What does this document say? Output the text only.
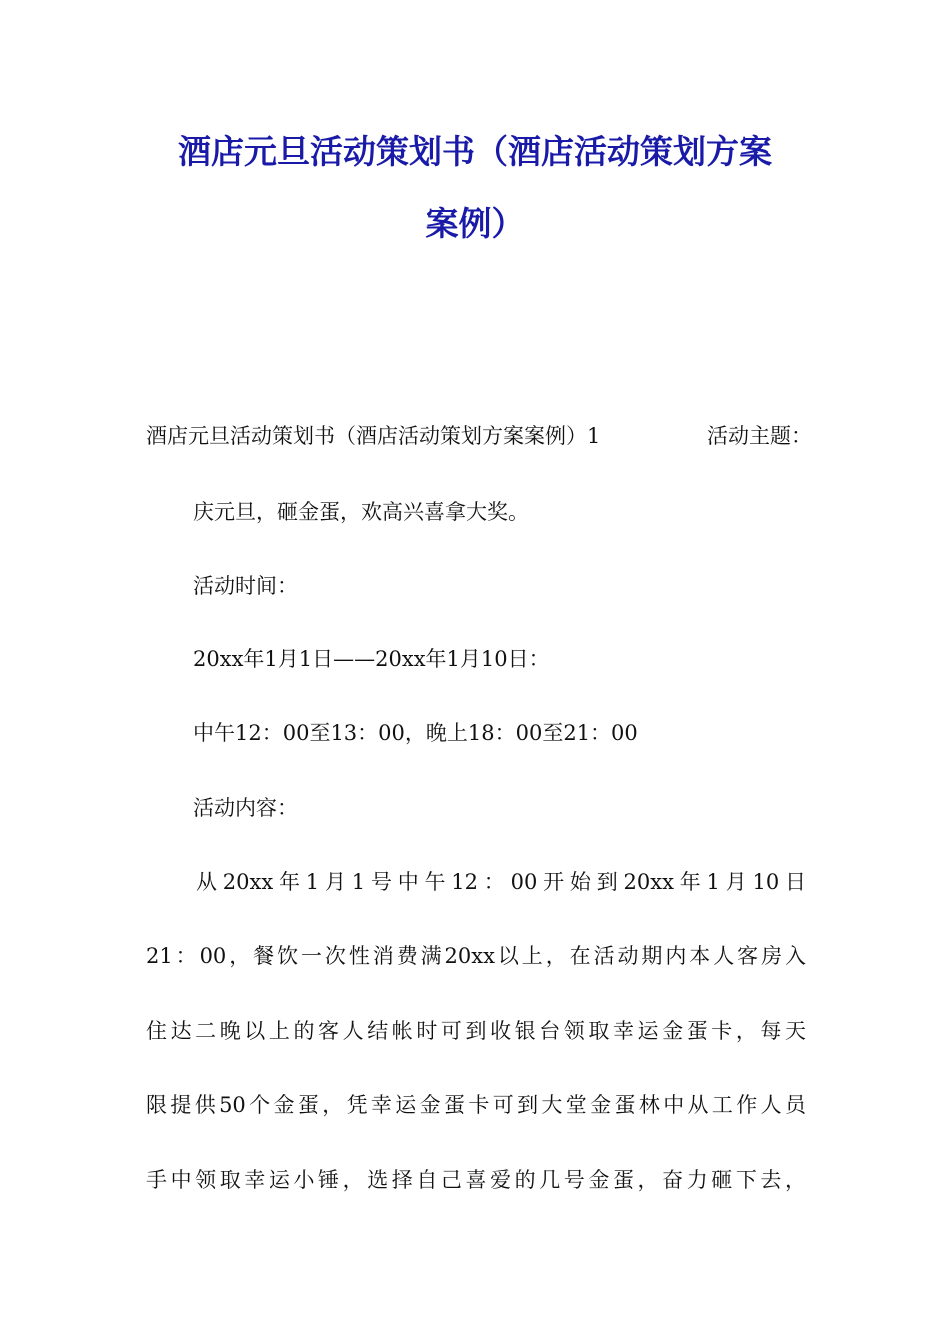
酒店元旦活动策划书（酒店活动策划方案
案例）
酒店元旦活动策划书（酒店活动策划方案案例）1	活动主题：
庆元旦，砸金蛋，欢高兴喜拿大奖。
活动时间：
20xx年1月1日——20xx年1月10日：
中午12：00至13：00，晚上18：00至21：00
活动内容：
从20xx年1月1号中午12：00开始到20xx年1月10日
21：00，餐饮一次性消费满20xx以上，在活动期内本人客房入
住达二晚以上的客人结帐时可到收银台领取幸运金蛋卡，每天
限提供50个金蛋，凭幸运金蛋卡可到大堂金蛋林中从工作人员
手中领取幸运小锤，选择自己喜爱的几号金蛋，奋力砸下去，
